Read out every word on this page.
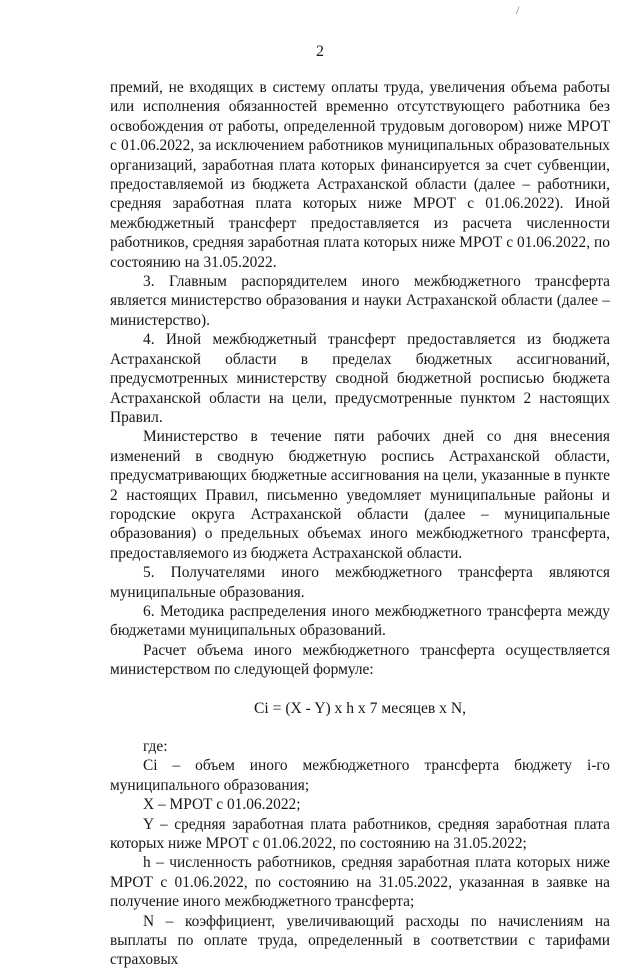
/
2

премий, не входящих в систему оплаты труда, увеличения объема работы или исполнения обязанностей временно отсутствующего работника без освобождения от работы, определенной трудовым договором) ниже МРОТ с 01.06.2022, за исключением работников муниципальных образовательных организаций, заработная плата которых финансируется за счет субвенции, предоставляемой из бюджета Астраханской области (далее – работники, средняя заработная плата которых ниже МРОТ с 01.06.2022). Иной межбюджетный трансферт предоставляется из расчета численности работников, средняя заработная плата которых ниже МРОТ с 01.06.2022, по состоянию на 31.05.2022.

3. Главным распорядителем иного межбюджетного трансферта является министерство образования и науки Астраханской области (далее – министерство).

4. Иной межбюджетный трансферт предоставляется из бюджета Астраханской области в пределах бюджетных ассигнований, предусмотренных министерству сводной бюджетной росписью бюджета Астраханской области на цели, предусмотренные пунктом 2 настоящих Правил.

Министерство в течение пяти рабочих дней со дня внесения изменений в сводную бюджетную роспись Астраханской области, предусматривающих бюджетные ассигнования на цели, указанные в пункте 2 настоящих Правил, письменно уведомляет муниципальные районы и городские округа Астраханской области (далее – муниципальные образования) о предельных объемах иного межбюджетного трансферта, предоставляемого из бюджета Астраханской области.

5. Получателями иного межбюджетного трансферта являются муниципальные образования.

6. Методика распределения иного межбюджетного трансферта между бюджетами муниципальных образований.

Расчет объема иного межбюджетного трансферта осуществляется министерством по следующей формуле:

Ci = (X - Y) x h x 7 месяцев x N,

где:

Ci – объем иного межбюджетного трансферта бюджету i-го муниципального образования;

X – МРОТ с 01.06.2022;

Y – средняя заработная плата работников, средняя заработная плата которых ниже МРОТ с 01.06.2022, по состоянию на 31.05.2022;

h – численность работников, средняя заработная плата которых ниже МРОТ с 01.06.2022, по состоянию на 31.05.2022, указанная в заявке на получение иного межбюджетного трансферта;

N – коэффициент, увеличивающий расходы по начислениям на выплаты по оплате труда, определенный в соответствии с тарифами страховых
